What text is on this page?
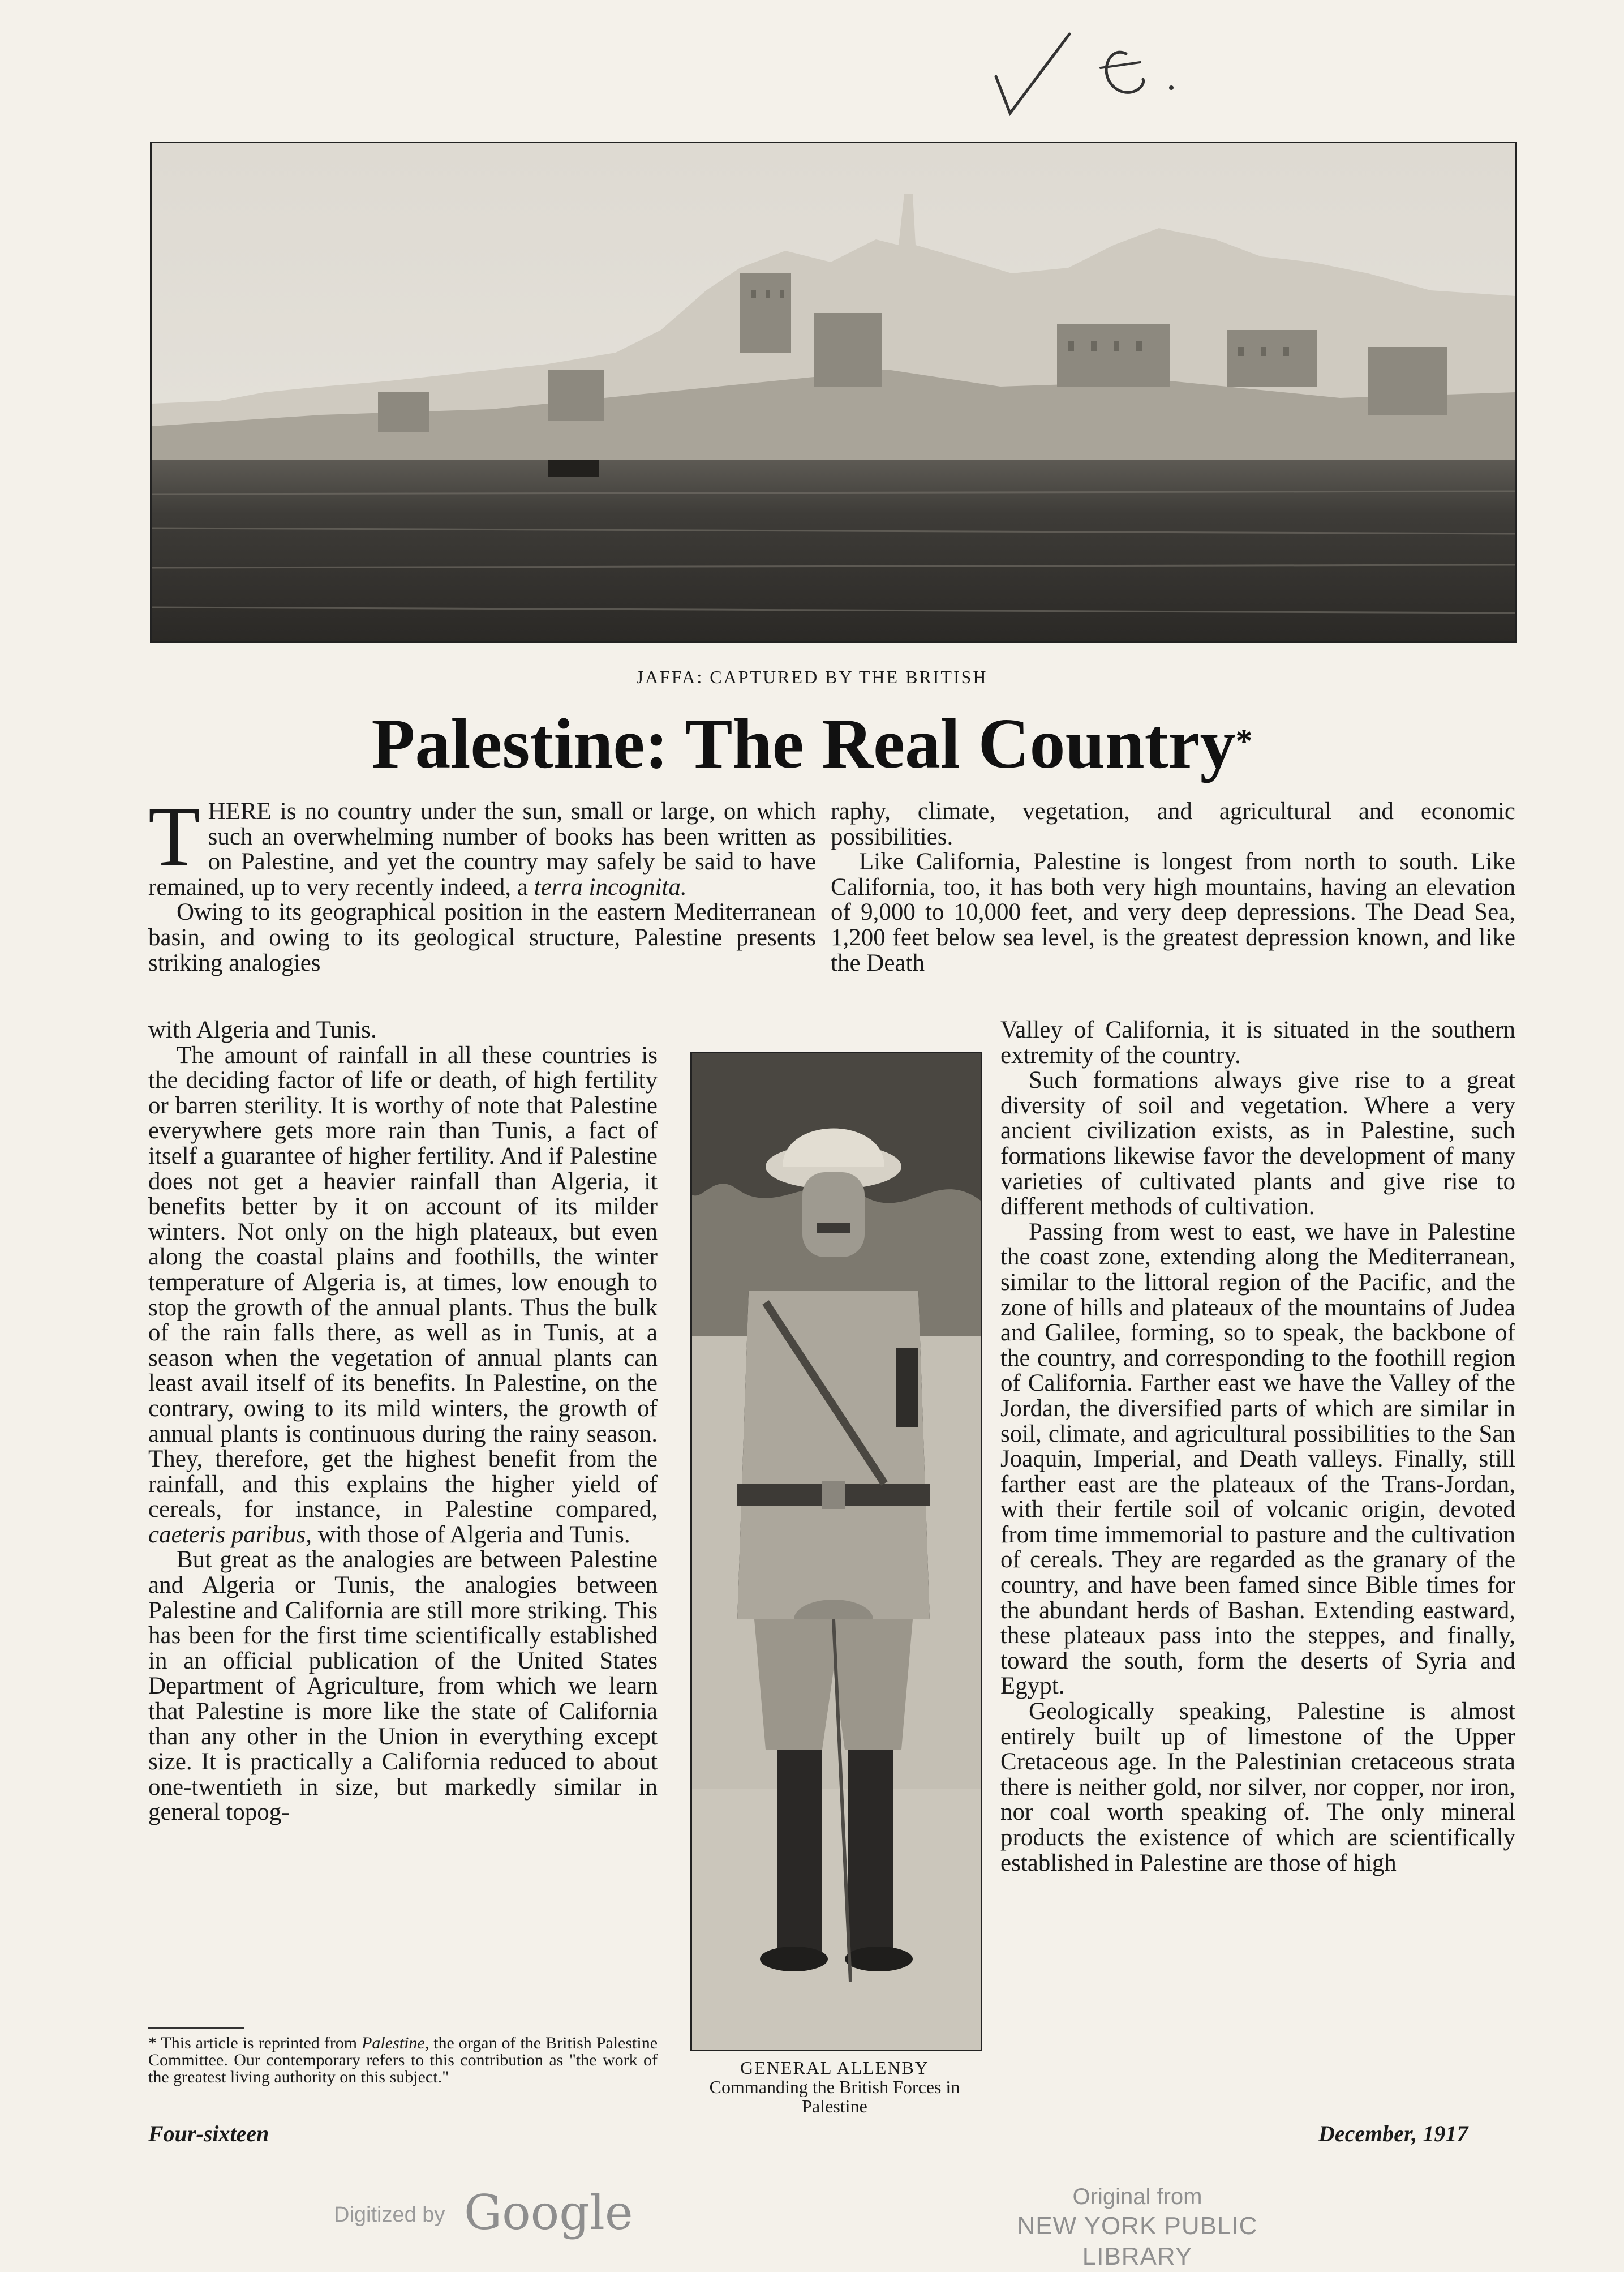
JAFFA: CAPTURED BY THE BRITISH
Palestine: The Real Country*

THERE is no country under the sun, small or large, on which such an overwhelming number of books has been written as on Palestine, and yet the country may safely be said to have remained, up to very recently indeed, a terra incognita.

Owing to its geographical position in the eastern Mediterranean basin, and owing to its geological structure, Palestine presents striking analogies

with Algeria and Tunis.

The amount of rainfall in all these countries is the deciding factor of life or death, of high fertility or barren sterility. It is worthy of note that Palestine everywhere gets more rain than Tunis, a fact of itself a guarantee of higher fertility. And if Palestine does not get a heavier rainfall than Algeria, it benefits better by it on account of its milder winters. Not only on the high plateaux, but even along the coastal plains and foothills, the winter temperature of Algeria is, at times, low enough to stop the growth of the annual plants. Thus the bulk of the rain falls there, as well as in Tunis, at a season when the vegetation of annual plants can least avail itself of its benefits. In Palestine, on the contrary, owing to its mild winters, the growth of annual plants is continuous during the rainy season. They, therefore, get the highest benefit from the rainfall, and this explains the higher yield of cereals, for instance, in Palestine compared, caeteris paribus, with those of Algeria and Tunis.

But great as the analogies are between Palestine and Algeria or Tunis, the analogies between Palestine and California are still more striking. This has been for the first time scientifically established in an official publication of the United States Department of Agriculture, from which we learn that Palestine is more like the state of California than any other in the Union in everything except size. It is practically a California reduced to about one-twentieth in size, but markedly similar in general topog-

raphy, climate, vegetation, and agricultural and economic possibilities.

Like California, Palestine is longest from north to south. Like California, too, it has both very high mountains, having an elevation of 9,000 to 10,000 feet, and very deep depressions. The Dead Sea, 1,200 feet below sea level, is the greatest depression known, and like the Death

Valley of California, it is situated in the southern extremity of the country.

Such formations always give rise to a great diversity of soil and vegetation. Where a very ancient civilization exists, as in Palestine, such formations likewise favor the development of many varieties of cultivated plants and give rise to different methods of cultivation.

Passing from west to east, we have in Palestine the coast zone, extending along the Mediterranean, similar to the littoral region of the Pacific, and the zone of hills and plateaux of the mountains of Judea and Galilee, forming, so to speak, the backbone of the country, and corresponding to the foothill region of California. Farther east we have the Valley of the Jordan, the diversified parts of which are similar in soil, climate, and agricultural possibilities to the San Joaquin, Imperial, and Death valleys. Finally, still farther east are the plateaux of the Trans-Jordan, with their fertile soil of volcanic origin, devoted from time immemorial to pasture and the cultivation of cereals. They are regarded as the granary of the country, and have been famed since Bible times for the abundant herds of Bashan. Extending eastward, these plateaux pass into the steppes, and finally, toward the south, form the deserts of Syria and Egypt.

Geologically speaking, Palestine is almost entirely built up of limestone of the Upper Cretaceous age. In the Palestinian cretaceous strata there is neither gold, nor silver, nor copper, nor iron, nor coal worth speaking of. The only mineral products the existence of which are scientifically established in Palestine are those of high

GENERAL ALLENBY
Commanding the British Forces in
Palestine
* This article is reprinted from Palestine, the organ of the British Palestine Committee. Our contemporary refers to this contribution as "the work of the greatest living authority on this subject."
Four-sixteen	December, 1917
Digitized by Google	Original from
NEW YORK PUBLIC LIBRARY
